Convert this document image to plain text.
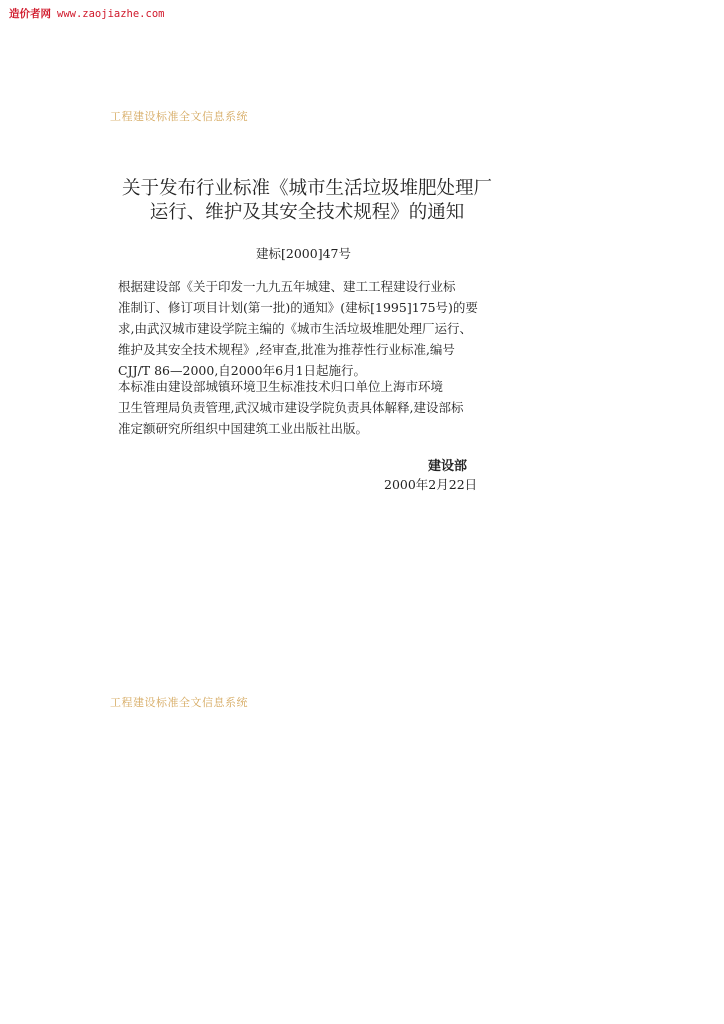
造价者网 www.zaojiazhe.com
工程建设标准全文信息系统
关于发布行业标准《城市生活垃圾堆肥处理厂
运行、维护及其安全技术规程》的通知
建标[2000]47号
根据建设部《关于印发一九九五年城建、建工工程建设行业标
准制订、修订项目计划(第一批)的通知》(建标[1995]175号)的要
求,由武汉城市建设学院主编的《城市生活垃圾堆肥处理厂运行、
维护及其安全技术规程》,经审查,批准为推荐性行业标准,编号
CJJ/T 86—2000,自2000年6月1日起施行。
本标准由建设部城镇环境卫生标准技术归口单位上海市环境
卫生管理局负责管理,武汉城市建设学院负责具体解释,建设部标
准定额研究所组织中国建筑工业出版社出版。
建设部
2000年2月22日
工程建设标准全文信息系统
